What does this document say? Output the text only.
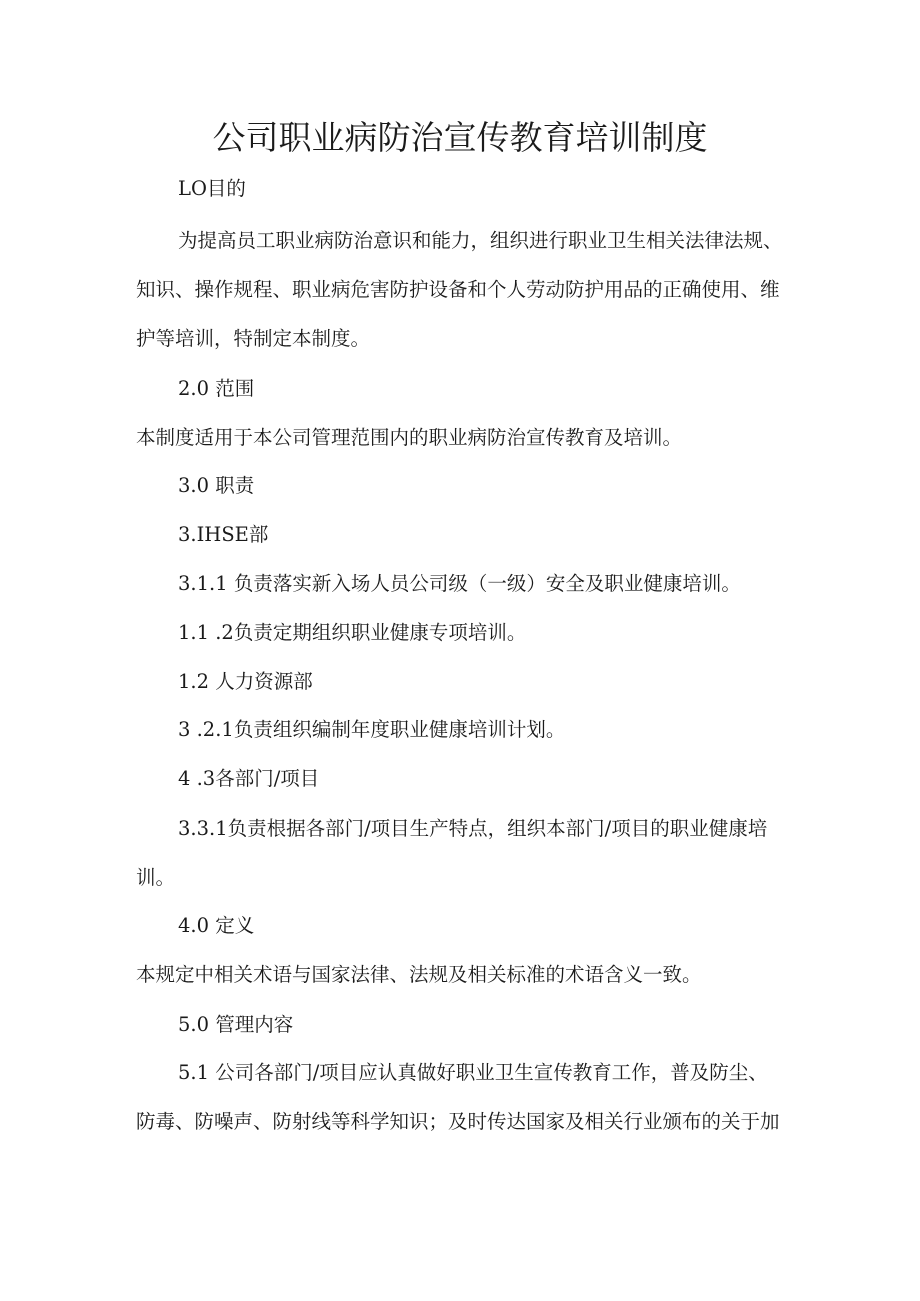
公司职业病防治宣传教育培训制度
LO目的
为提高员工职业病防治意识和能力，组织进行职业卫生相关法律法规、
知识、操作规程、职业病危害防护设备和个人劳动防护用品的正确使用、维
护等培训，特制定本制度。
2.0 范围
本制度适用于本公司管理范围内的职业病防治宣传教育及培训。
3.0 职责
3.IHSE部
3.1.1 负责落实新入场人员公司级（一级）安全及职业健康培训。
1.1 .2负责定期组织职业健康专项培训。
1.2 人力资源部
3 .2.1负责组织编制年度职业健康培训计划。
4 .3各部门/项目
3.3.1负责根据各部门/项目生产特点，组织本部门/项目的职业健康培
训。
4.0 定义
本规定中相关术语与国家法律、法规及相关标准的术语含义一致。
5.0 管理内容
5.1 公司各部门/项目应认真做好职业卫生宣传教育工作，普及防尘、
防毒、防噪声、防射线等科学知识；及时传达国家及相关行业颁布的关于加
